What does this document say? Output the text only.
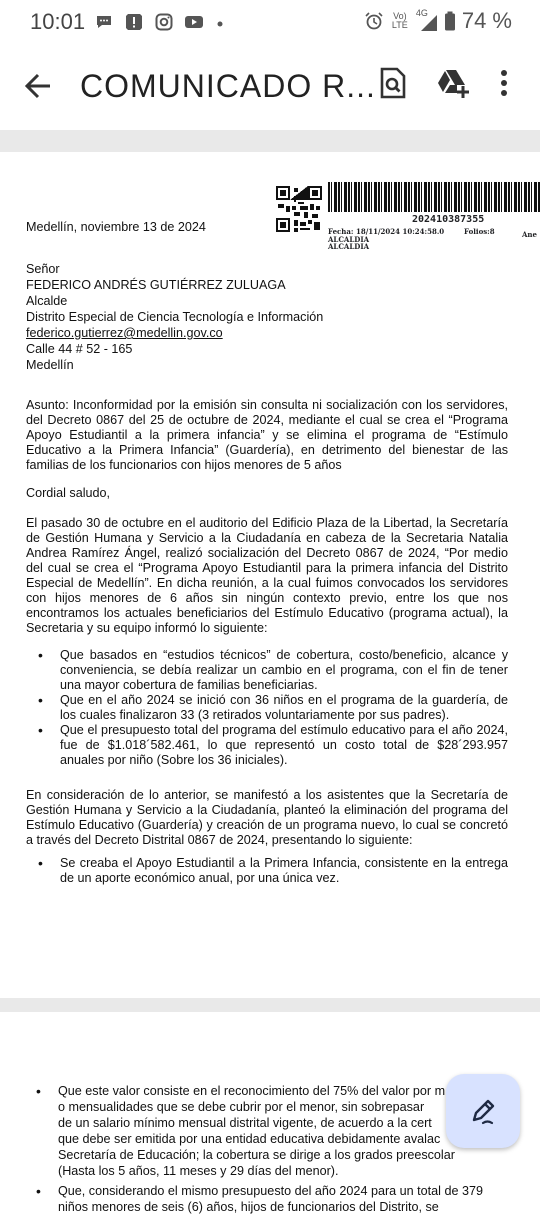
10:01	Vo)
LTE
4G 74 %
COMUNICADO R...
202410387355
Fecha: 18/11/2024 10:24:58.0	Folios:8
ALCALDIA
ALCALDIA
Ane
Medellín, noviembre 13 de 2024
Señor
FEDERICO ANDRÉS GUTIÉRREZ ZULUAGA
Alcalde
Distrito Especial de Ciencia Tecnología e Información
federico.gutierrez@medellin.gov.co
Calle 44 # 52 - 165
Medellín

Asunto: Inconformidad por la emisión sin consulta ni socialización con los servidores, del Decreto 0867 del 25 de octubre de 2024, mediante el cual se crea el “Programa Apoyo Estudiantil a la primera infancia” y se elimina el programa de “Estímulo Educativo a la Primera Infancia” (Guardería), en detrimento del bienestar de las familias de los funcionarios con hijos menores de 5 años

Cordial saludo,

El pasado 30 de octubre en el auditorio del Edificio Plaza de la Libertad, la Secretaría de Gestión Humana y Servicio a la Ciudadanía en cabeza de la Secretaria Natalia Andrea Ramírez Ángel, realizó socialización del Decreto 0867 de 2024, “Por medio del cual se crea el “Programa Apoyo Estudiantil para la primera infancia del Distrito Especial de Medellín”. En dicha reunión, a la cual fuimos convocados los servidores con hijos menores de 6 años sin ningún contexto previo, entre los que nos encontramos los actuales beneficiarios del Estímulo Educativo (programa actual), la Secretaria y su equipo informó lo siguiente:

• Que basados en “estudios técnicos” de cobertura, costo/beneficio, alcance y conveniencia, se debía realizar un cambio en el programa, con el fin de tener una mayor cobertura de familias beneficiarias.
• Que en el año 2024 se inició con 36 niños en el programa de la guardería, de los cuales finalizaron 33 (3 retirados voluntariamente por sus padres).
• Que el presupuesto total del programa del estímulo educativo para el año 2024, fue de $1.018´582.461, lo que representó un costo total de $28´293.957 anuales por niño (Sobre los 36 iniciales).

En consideración de lo anterior, se manifestó a los asistentes que la Secretaría de Gestión Humana y Servicio a la Ciudadanía, planteó la eliminación del programa del Estímulo Educativo (Guardería) y creación de un programa nuevo, lo cual se concretó a través del Decreto Distrital 0867 de 2024, presentando lo siguiente:

• Se creaba el Apoyo Estudiantil a la Primera Infancia, consistente en la entrega de un aporte económico anual, por una única vez.
• Que este valor consiste en el reconocimiento del 75% del valor por m
o mensualidades que se debe cubrir por el menor, sin sobrepasar
de un salario mínimo mensual distrital vigente, de acuerdo a la cert
que debe ser emitida por una entidad educativa debidamente avalac
Secretaría de Educación; la cobertura se dirige a los grados preescolar
(Hasta los 5 años, 11 meses y 29 días del menor).
• Que, considerando el mismo presupuesto del año 2024 para un total de 379
niños menores de seis (6) años, hijos de funcionarios del Distrito, se
